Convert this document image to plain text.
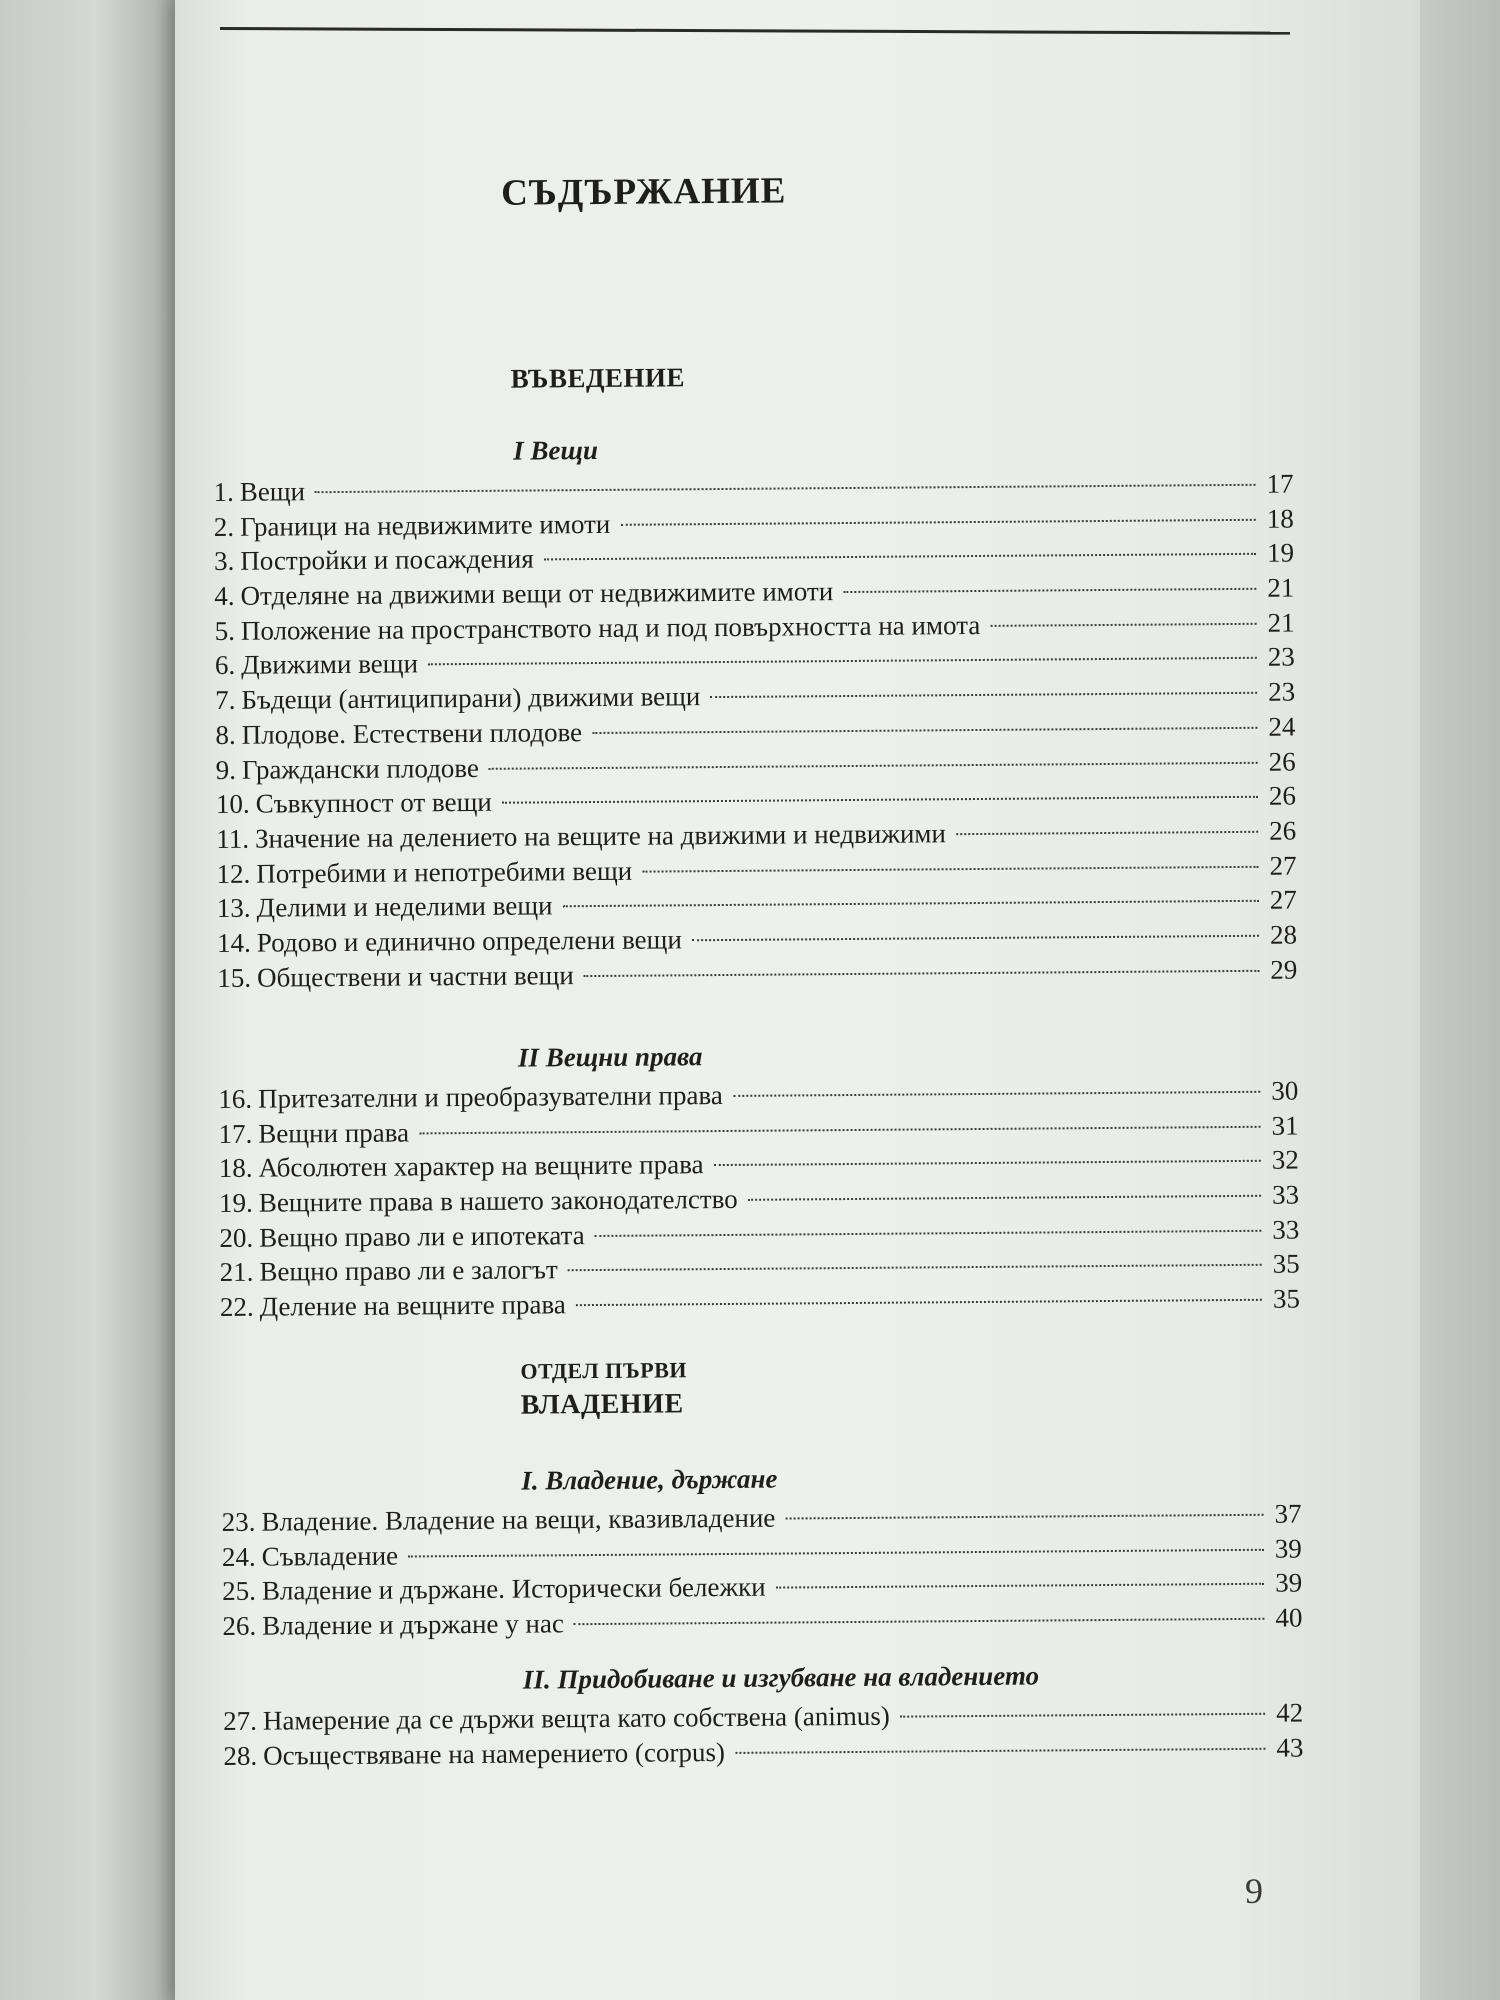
·
СЪДЪРЖАНИЕ
ВЪВЕДЕНИЕ
I Вещи
1. Вещи	17
2. Граници на недвижимите имоти	18
3. Постройки и посаждения	19
4. Отделяне на движими вещи от недвижимите имоти	21
5. Положение на пространството над и под повърхността на имота	21
6. Движими вещи	23
7. Бъдещи (антиципирани) движими вещи	23
8. Плодове. Естествени плодове	24
9. Граждански плодове	26
10. Съвкупност от вещи	26
11. Значение на делението на вещите на движими и недвижими	26
12. Потребими и непотребими вещи	27
13. Делими и неделими вещи	27
14. Родово и единично определени вещи	28
15. Обществени и частни вещи	29
II Вещни права
16. Притезателни и преобразувателни права	30
17. Вещни права	31
18. Абсолютен характер на вещните права	32
19. Вещните права в нашето законодателство	33
20. Вещно право ли е ипотеката	33
21. Вещно право ли е залогът	35
22. Деление на вещните права	35
ОТДЕЛ ПЪРВИ
ВЛАДЕНИЕ
I. Владение, държане
23. Владение. Владение на вещи, квазивладение	37
24. Съвладение	39
25. Владение и държане. Исторически бележки	39
26. Владение и държане у нас	40
II. Придобиване и изгубване на владението
27. Намерение да се държи вещта като собствена (animus)	42
28. Осъществяване на намерението (corpus)	43
9
